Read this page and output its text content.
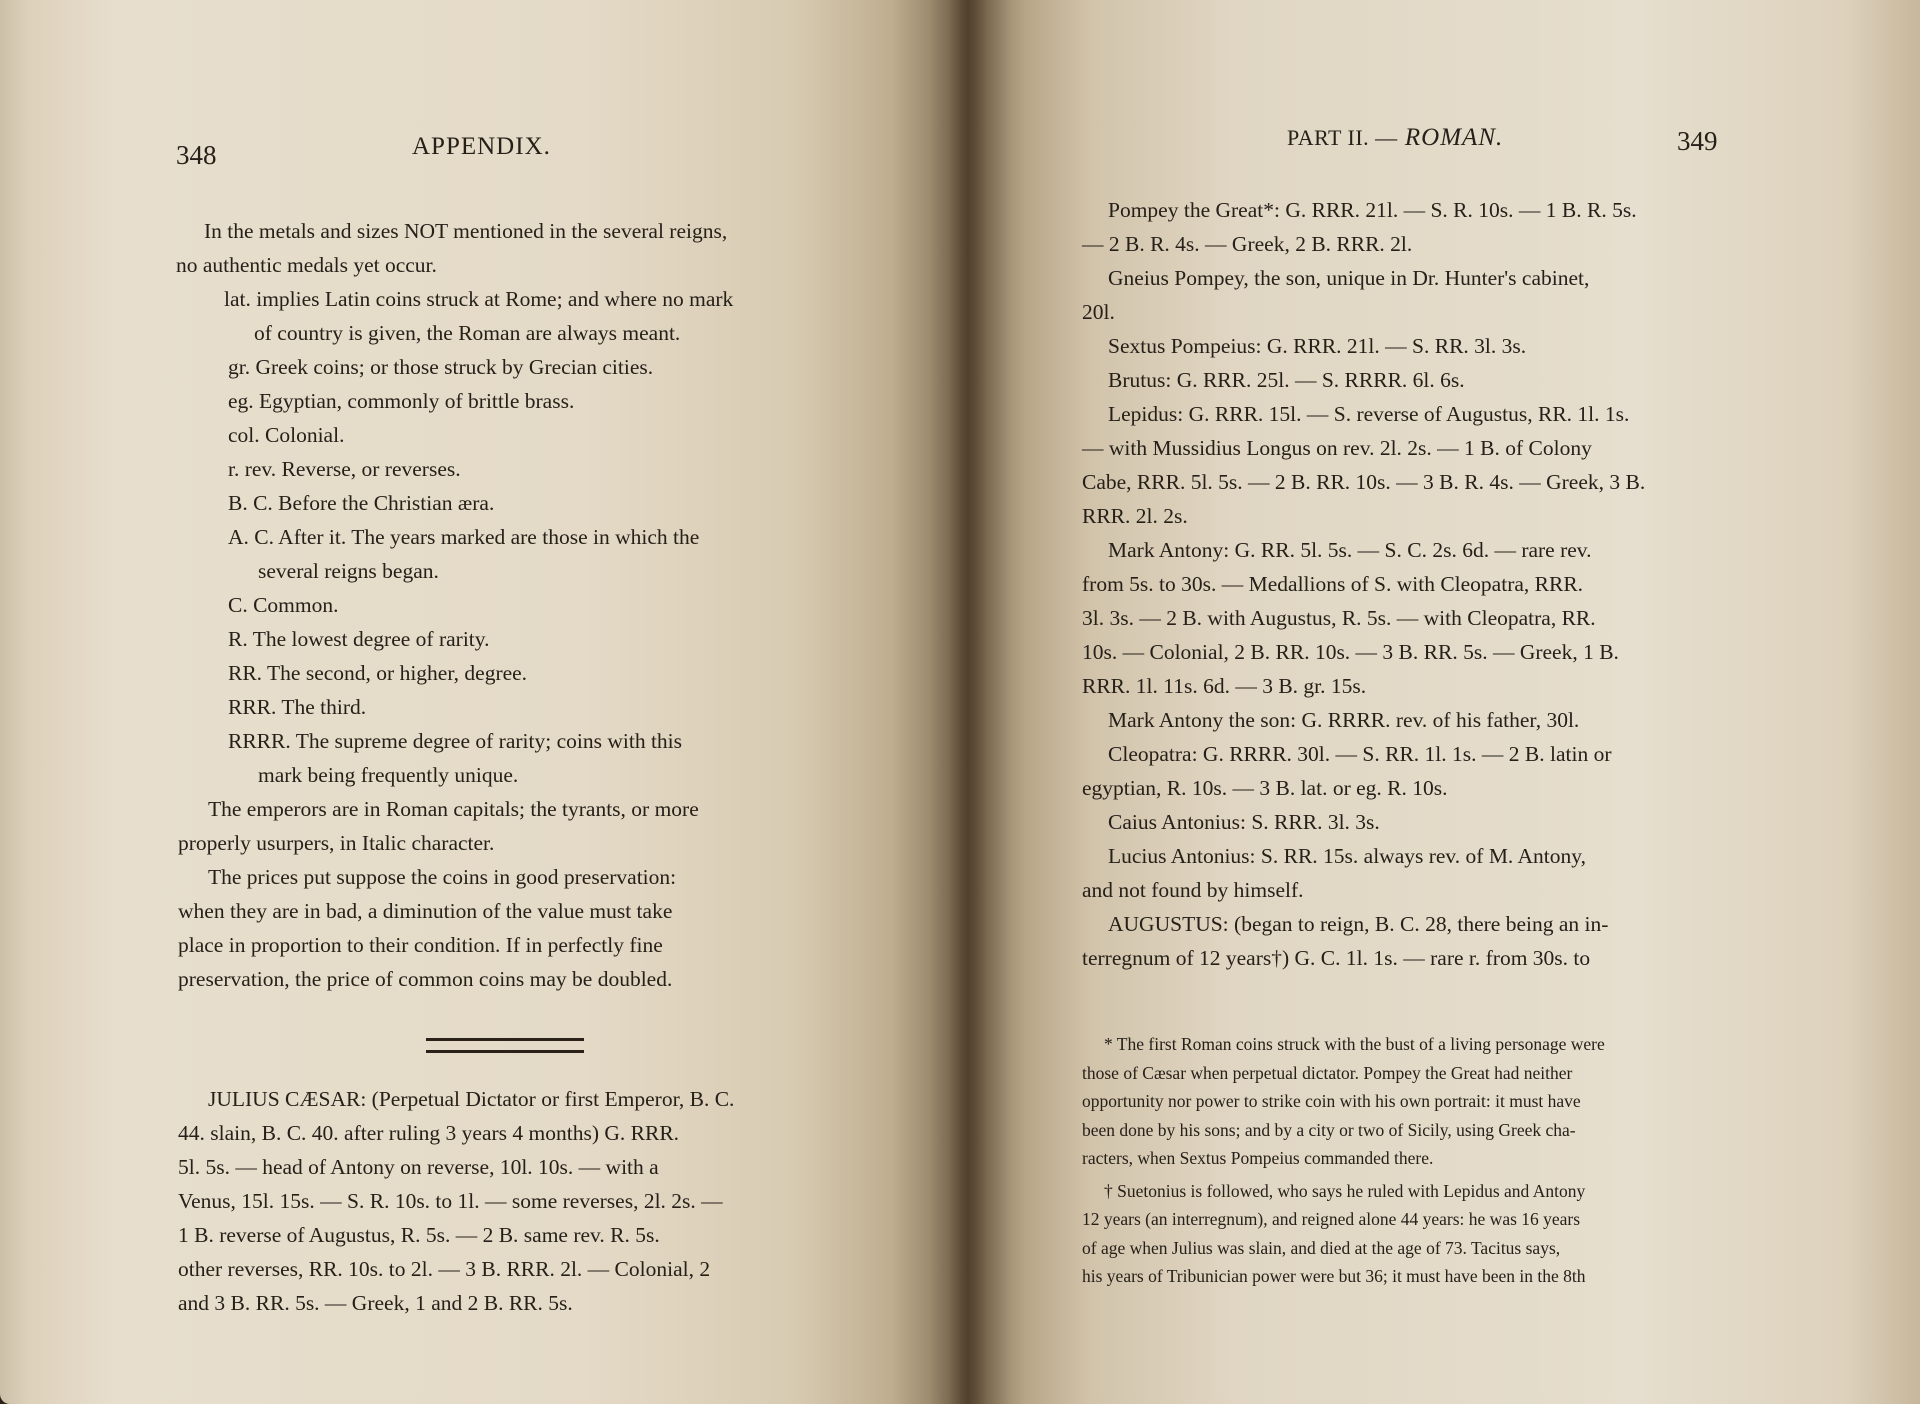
348	APPENDIX.

In the metals and sizes NOT mentioned in the several reigns,

no authentic medals yet occur.

lat. implies Latin coins struck at Rome; and where no mark

of country is given, the Roman are always meant.

gr. Greek coins; or those struck by Grecian cities.

eg. Egyptian, commonly of brittle brass.

col. Colonial.

r. rev. Reverse, or reverses.

B. C. Before the Christian æra.

A. C. After it. The years marked are those in which the

several reigns began.

C. Common.

R. The lowest degree of rarity.

RR. The second, or higher, degree.

RRR. The third.

RRRR. The supreme degree of rarity; coins with this

mark being frequently unique.

The emperors are in Roman capitals; the tyrants, or more

properly usurpers, in Italic character.

The prices put suppose the coins in good preservation:

when they are in bad, a diminution of the value must take

place in proportion to their condition. If in perfectly fine

preservation, the price of common coins may be doubled.

JULIUS CÆSAR: (Perpetual Dictator or first Emperor, B. C.

44. slain, B. C. 40. after ruling 3 years 4 months) G. RRR.

5l. 5s. — head of Antony on reverse, 10l. 10s. — with a

Venus, 15l. 15s. — S. R. 10s. to 1l. — some reverses, 2l. 2s. —

1 B. reverse of Augustus, R. 5s. — 2 B. same rev. R. 5s.

other reverses, RR. 10s. to 2l. — 3 B. RRR. 2l. — Colonial, 2

and 3 B. RR. 5s. — Greek, 1 and 2 B. RR. 5s.

PART II. — ROMAN.	349

Pompey the Great*: G. RRR. 21l. — S. R. 10s. — 1 B. R. 5s.

— 2 B. R. 4s. — Greek, 2 B. RRR. 2l.

Gneius Pompey, the son, unique in Dr. Hunter's cabinet,

20l.

Sextus Pompeius: G. RRR. 21l. — S. RR. 3l. 3s.

Brutus: G. RRR. 25l. — S. RRRR. 6l. 6s.

Lepidus: G. RRR. 15l. — S. reverse of Augustus, RR. 1l. 1s.

— with Mussidius Longus on rev. 2l. 2s. — 1 B. of Colony

Cabe, RRR. 5l. 5s. — 2 B. RR. 10s. — 3 B. R. 4s. — Greek, 3 B.

RRR. 2l. 2s.

Mark Antony: G. RR. 5l. 5s. — S. C. 2s. 6d. — rare rev.

from 5s. to 30s. — Medallions of S. with Cleopatra, RRR.

3l. 3s. — 2 B. with Augustus, R. 5s. — with Cleopatra, RR.

10s. — Colonial, 2 B. RR. 10s. — 3 B. RR. 5s. — Greek, 1 B.

RRR. 1l. 11s. 6d. — 3 B. gr. 15s.

Mark Antony the son: G. RRRR. rev. of his father, 30l.

Cleopatra: G. RRRR. 30l. — S. RR. 1l. 1s. — 2 B. latin or

egyptian, R. 10s. — 3 B. lat. or eg. R. 10s.

Caius Antonius: S. RRR. 3l. 3s.

Lucius Antonius: S. RR. 15s. always rev. of M. Antony,

and not found by himself.

AUGUSTUS: (began to reign, B. C. 28, there being an in-

terregnum of 12 years†) G. C. 1l. 1s. — rare r. from 30s. to

* The first Roman coins struck with the bust of a living personage were

those of Cæsar when perpetual dictator. Pompey the Great had neither

opportunity nor power to strike coin with his own portrait: it must have

been done by his sons; and by a city or two of Sicily, using Greek cha-

racters, when Sextus Pompeius commanded there.

† Suetonius is followed, who says he ruled with Lepidus and Antony

12 years (an interregnum), and reigned alone 44 years: he was 16 years

of age when Julius was slain, and died at the age of 73. Tacitus says,

his years of Tribunician power were but 36; it must have been in the 8th
